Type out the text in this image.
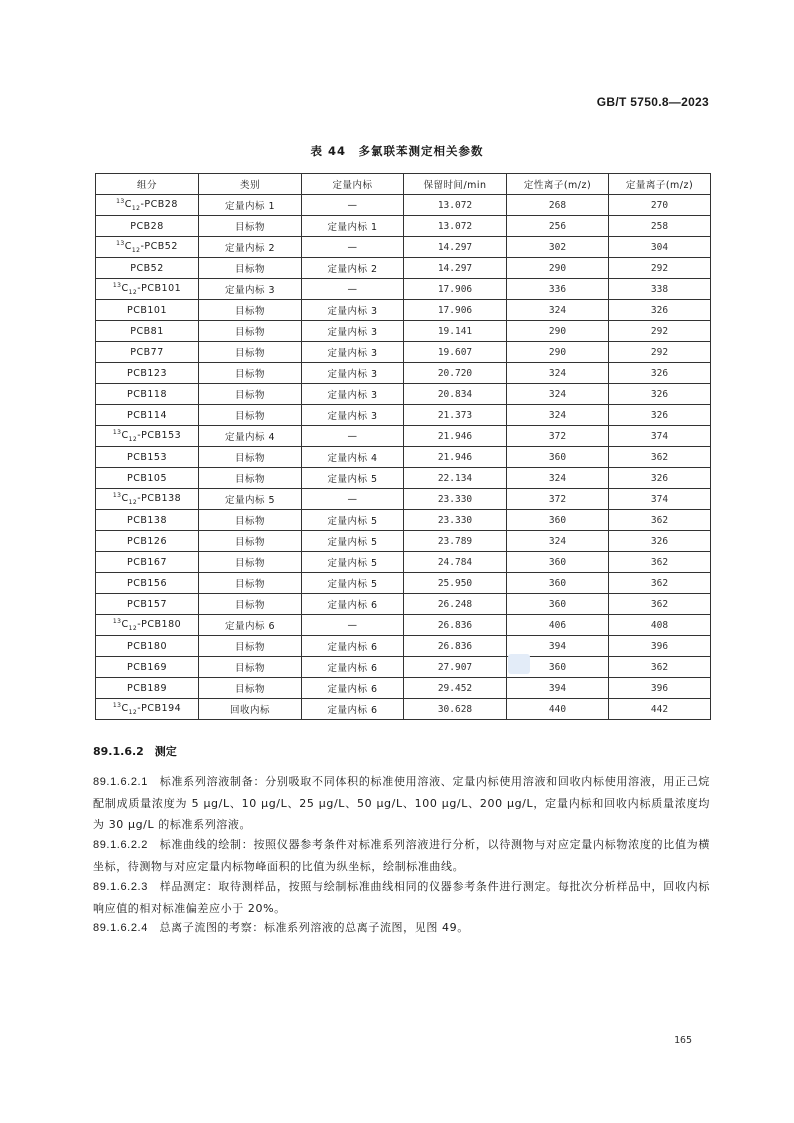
GB/T 5750.8—2023
表 44　多氯联苯测定相关参数
组分	类别	定量内标	保留时间/min	定性离子(m/z)	定量离子(m/z)
$^{13}C_{12}-PCB28$	定量内标 1	—	13.072	268	270
PCB28	目标物	定量内标 1	13.072	256	258
$^{13}C_{12}-PCB52$	定量内标 2	—	14.297	302	304
PCB52	目标物	定量内标 2	14.297	290	292
$^{13}C_{12}-PCB101$	定量内标 3	—	17.906	336	338
PCB101	目标物	定量内标 3	17.906	324	326
PCB81	目标物	定量内标 3	19.141	290	292
PCB77	目标物	定量内标 3	19.607	290	292
PCB123	目标物	定量内标 3	20.720	324	326
PCB118	目标物	定量内标 3	20.834	324	326
PCB114	目标物	定量内标 3	21.373	324	326
$^{13}C_{12}-PCB153$	定量内标 4	—	21.946	372	374
PCB153	目标物	定量内标 4	21.946	360	362
PCB105	目标物	定量内标 5	22.134	324	326
$^{13}C_{12}-PCB138$	定量内标 5	—	23.330	372	374
PCB138	目标物	定量内标 5	23.330	360	362
PCB126	目标物	定量内标 5	23.789	324	326
PCB167	目标物	定量内标 5	24.784	360	362
PCB156	目标物	定量内标 5	25.950	360	362
PCB157	目标物	定量内标 6	26.248	360	362
$^{13}C_{12}-PCB180$	定量内标 6	—	26.836	406	408
PCB180	目标物	定量内标 6	26.836	394	396
PCB169	目标物	定量内标 6	27.907	360	362
PCB189	目标物	定量内标 6	29.452	394	396
$^{13}C_{12}-PCB194$	回收内标	定量内标 6	30.628	440	442
89.1.6.2　测定
89.1.6.2.1　 标准系列溶液制备：分别吸取不同体积的标准使用溶液、定量内标使用溶液和回收内标使用溶液，用正己烷配制成质量浓度为 5 μg/L、10 μg/L、25 μg/L、50 μg/L、100 μg/L、200 μg/L，定量内标和回收内标质量浓度均为 30 μg/L 的标准系列溶液。
89.1.6.2.2　 标准曲线的绘制：按照仪器参考条件对标准系列溶液进行分析，以待测物与对应定量内标物浓度的比值为横坐标，待测物与对应定量内标物峰面积的比值为纵坐标，绘制标准曲线。
89.1.6.2.3　 样品测定：取待测样品，按照与绘制标准曲线相同的仪器参考条件进行测定。每批次分析样品中，回收内标响应值的相对标准偏差应小于 20%。
89.1.6.2.4　 总离子流图的考察：标准系列溶液的总离子流图，见图 49。
165
